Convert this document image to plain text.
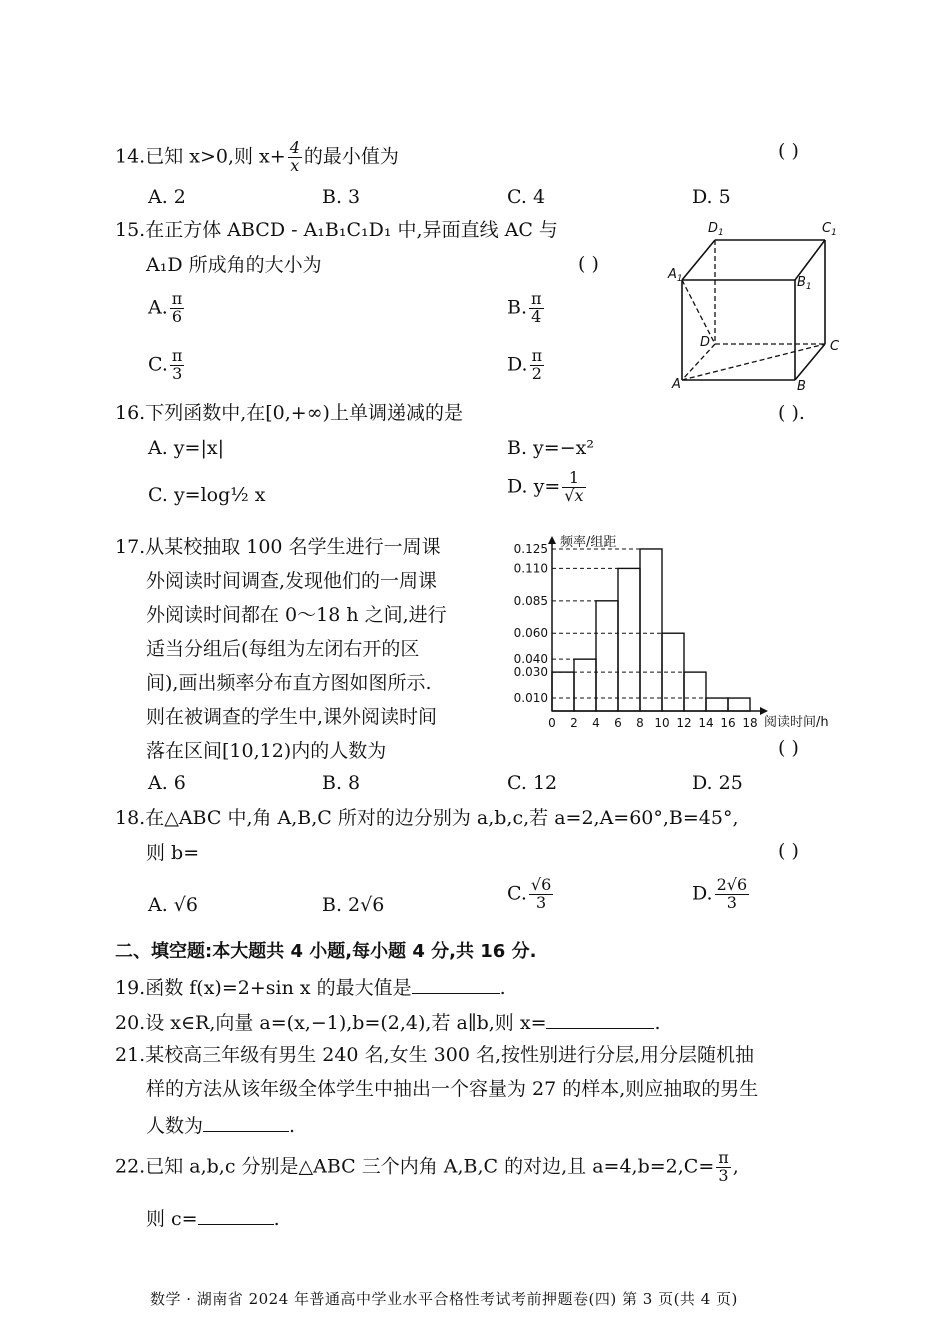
14.已知 x>0,则 $x+ \frac{4}{x}$ 的最小值为	( )
A. 2	B. 3	C. 4	D. 5
15.在正方体 ABCD - A₁B₁C₁D₁ 中,异面直线 AC 与
A₁D 所成角的大小为	( )
A. $\frac{\pi}{6}$	B. $\frac{\pi}{4}$
C. $\frac{\pi}{3}$	D. $\frac{\pi}{2}$
$D_1$	$C_1$
$A_1$	$B_1$
D	C
A	B
16.下列函数中,在[0,+∞)上单调递减的是	( ).
A. y=|x|	B. y=−x²
C. y=log½ x	D. $y= \frac{1}{√x}$
17.从某校抽取 100 名学生进行一周课
外阅读时间调查,发现他们的一周课
外阅读时间都在 0～18 h 之间,进行
适当分组后(每组为左闭右开的区
间),画出频率分布直方图如图所示.
则在被调查的学生中,课外阅读时间
落在区间[10,12)内的人数为	( )
频率/组距
阅读时间/h
0.010
0.030
0.040
0.060
0.085
0.110
0.125
0 2 4 6 8 10 12 14 16 18
A. 6	B. 8	C. 12	D. 25
18.在△ABC 中,角 A,B,C 所对的边分别为 a,b,c,若 a=2,A=60°,B=45°,
则 b=	( )
A. √6	B. 2√6
C. $\frac{√6}{3}$	D. $\frac{2√6}{3}$
二、填空题:本大题共 4 小题,每小题 4 分,共 16 分.
19.函数 f(x)=2+sin x 的最大值是	.
20.设 x∈R,向量 a=(x,−1),b=(2,4),若 a∥b,则 x=	.
21.某校高三年级有男生 240 名,女生 300 名,按性别进行分层,用分层随机抽
样的方法从该年级全体学生中抽出一个容量为 27 的样本,则应抽取的男生
人数为	.
22.已知 a,b,c 分别是△ABC 三个内角 A,B,C 的对边,且 $a=4,b=2,C= \frac{\pi}{3}$ ,
则 c=	.
数学 · 湖南省 2024 年普通高中学业水平合格性考试考前押题卷(四) 第 3 页(共 4 页)
